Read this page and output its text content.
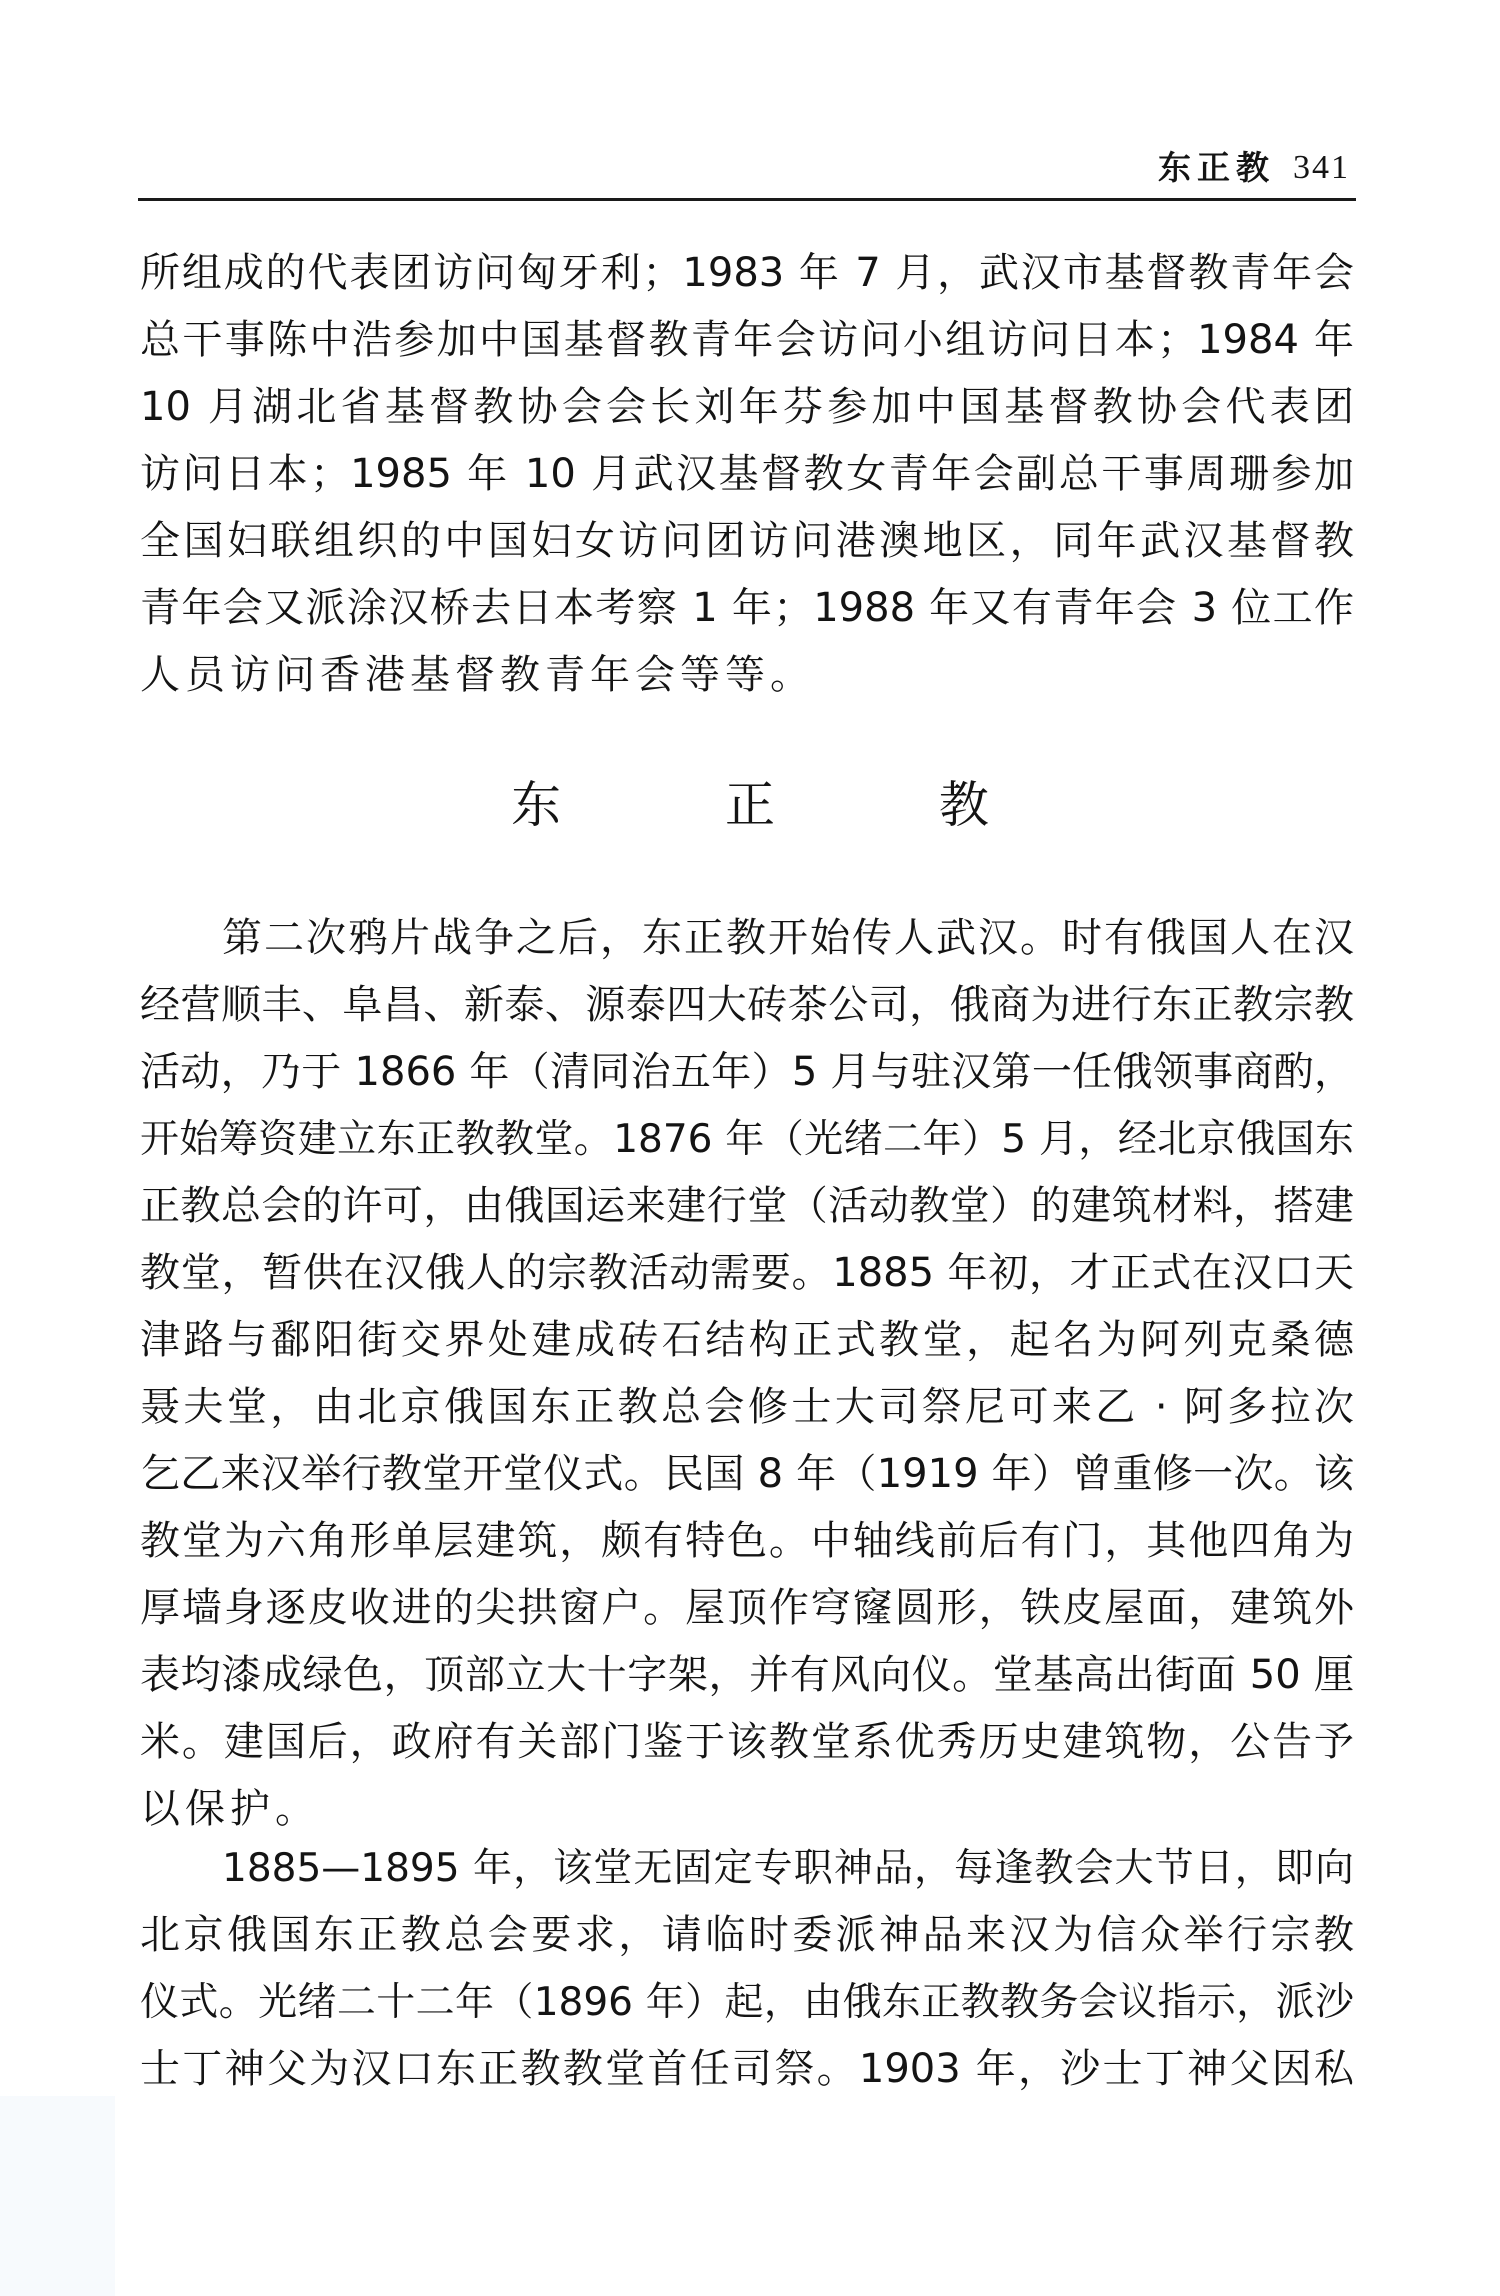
东正教 341
所组成的代表团访问匈牙利；1983 年 7 月，武汉市基督教青年会
总干事陈中浩参加中国基督教青年会访问小组访问日本；1984 年
10 月湖北省基督教协会会长刘年芬参加中国基督教协会代表团
访问日本；1985 年 10 月武汉基督教女青年会副总干事周珊参加
全国妇联组织的中国妇女访问团访问港澳地区，同年武汉基督教
青年会又派涂汉桥去日本考察 1 年；1988 年又有青年会 3 位工作
人员访问香港基督教青年会等等。
东 正 教
第二次鸦片战争之后，东正教开始传人武汉。时有俄国人在汉
经营顺丰、阜昌、新泰、源泰四大砖茶公司，俄商为进行东正教宗教
活动，乃于 1866 年（清同治五年）5 月与驻汉第一任俄领事商酌，
开始筹资建立东正教教堂。1876 年（光绪二年）5 月，经北京俄国东
正教总会的许可，由俄国运来建行堂（活动教堂）的建筑材料，搭建
教堂，暂供在汉俄人的宗教活动需要。1885 年初，才正式在汉口天
津路与鄱阳街交界处建成砖石结构正式教堂，起名为阿列克桑德
聂夫堂，由北京俄国东正教总会修士大司祭尼可来乙 · 阿多拉次
乞乙来汉举行教堂开堂仪式。民国 8 年（1919 年）曾重修一次。该
教堂为六角形单层建筑，颇有特色。中轴线前后有门，其他四角为
厚墙身逐皮收进的尖拱窗户。屋顶作穹窿圆形，铁皮屋面，建筑外
表均漆成绿色，顶部立大十字架，并有风向仪。堂基高出街面 50 厘
米。建国后，政府有关部门鉴于该教堂系优秀历史建筑物，公告予
以保护。
1885—1895 年，该堂无固定专职神品，每逢教会大节日，即向
北京俄国东正教总会要求，请临时委派神品来汉为信众举行宗教
仪式。光绪二十二年（1896 年）起，由俄东正教教务会议指示，派沙
士丁神父为汉口东正教教堂首任司祭。1903 年，沙士丁神父因私
